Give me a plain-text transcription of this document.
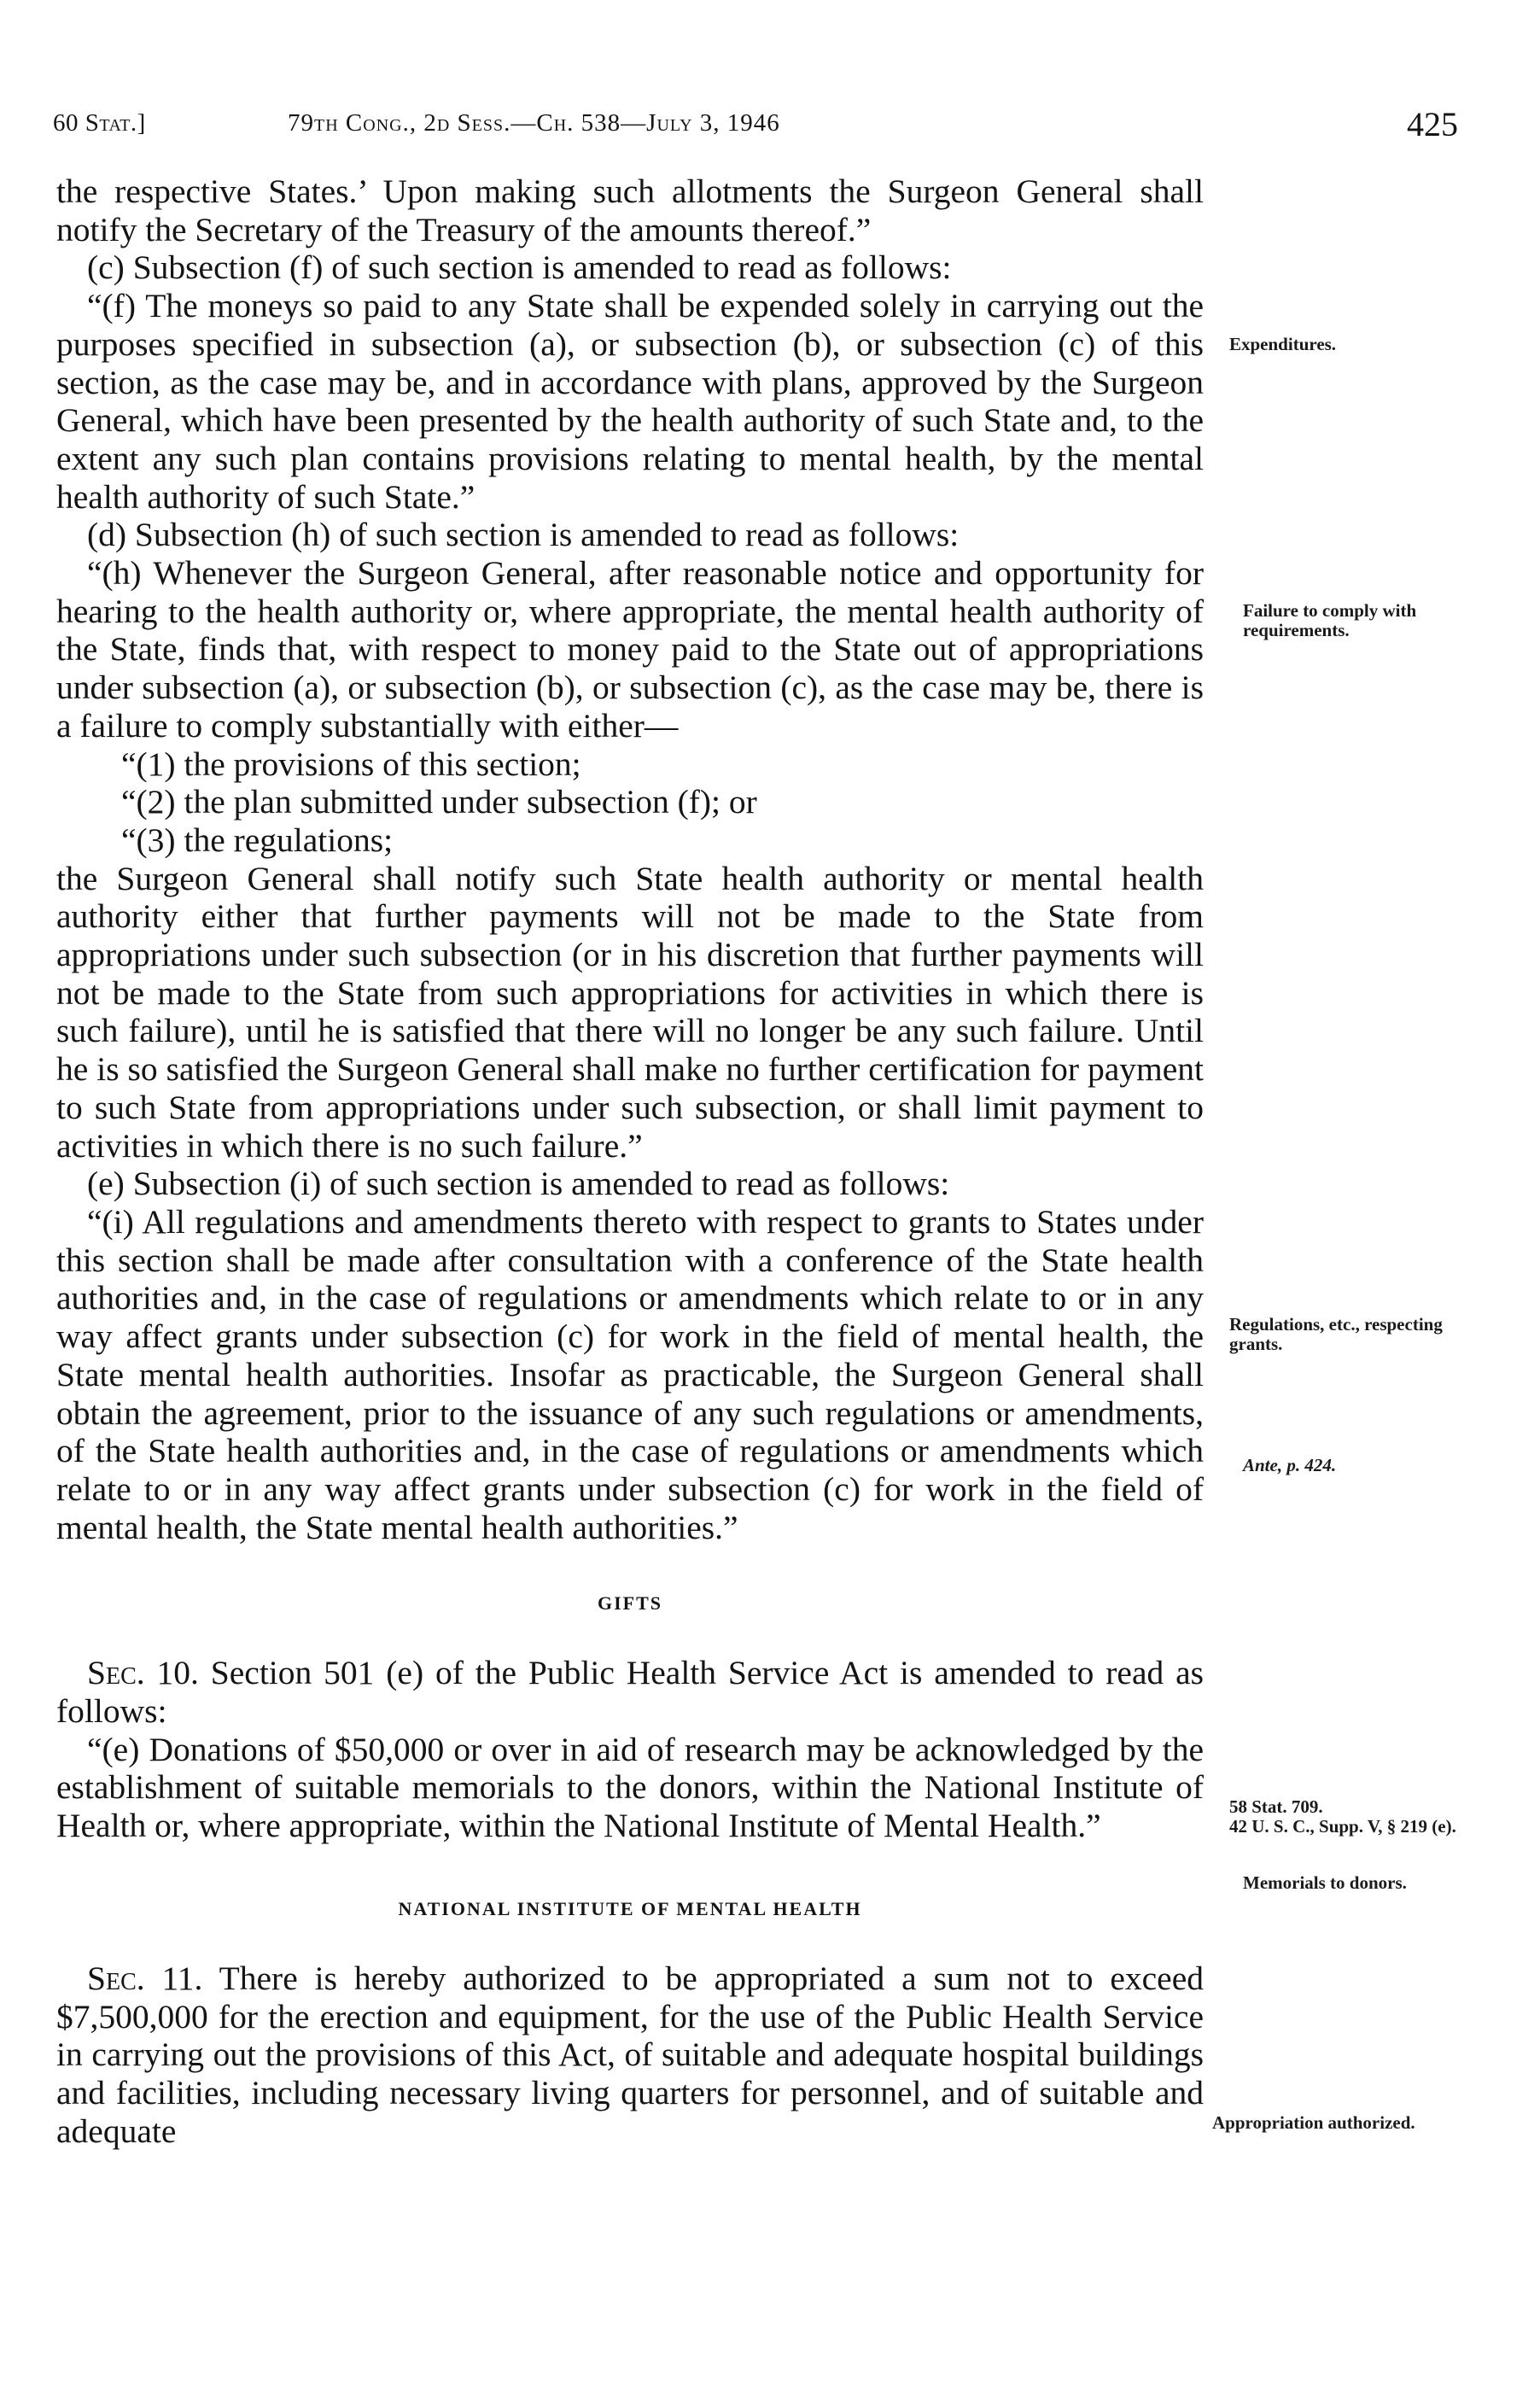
60 Stat.]	79th Cong., 2d Sess.—Ch. 538—July 3, 1946	425

the respective States.’ Upon making such allotments the Surgeon General shall notify the Secretary of the Treasury of the amounts thereof.”

(c) Subsection (f) of such section is amended to read as follows:

“(f) The moneys so paid to any State shall be expended solely in carrying out the purposes specified in subsection (a), or subsection (b), or subsection (c) of this section, as the case may be, and in accordance with plans, approved by the Surgeon General, which have been presented by the health authority of such State and, to the extent any such plan contains provisions relating to mental health, by the mental health authority of such State.”

(d) Subsection (h) of such section is amended to read as follows:

“(h) Whenever the Surgeon General, after reasonable notice and opportunity for hearing to the health authority or, where appropriate, the mental health authority of the State, finds that, with respect to money paid to the State out of appropriations under subsection (a), or subsection (b), or subsection (c), as the case may be, there is a failure to comply substantially with either—

“(1) the provisions of this section;

“(2) the plan submitted under subsection (f); or

“(3) the regulations;

the Surgeon General shall notify such State health authority or mental health authority either that further payments will not be made to the State from appropriations under such subsection (or in his discretion that further payments will not be made to the State from such appropriations for activities in which there is such failure), until he is satisfied that there will no longer be any such failure. Until he is so satisfied the Surgeon General shall make no further certification for payment to such State from appropriations under such subsection, or shall limit payment to activities in which there is no such failure.”

(e) Subsection (i) of such section is amended to read as follows:

“(i) All regulations and amendments thereto with respect to grants to States under this section shall be made after consultation with a conference of the State health authorities and, in the case of regulations or amendments which relate to or in any way affect grants under subsection (c) for work in the field of mental health, the State mental health authorities. Insofar as practicable, the Surgeon General shall obtain the agreement, prior to the issuance of any such regulations or amendments, of the State health authorities and, in the case of regulations or amendments which relate to or in any way affect grants under subsection (c) for work in the field of mental health, the State mental health authorities.”

GIFTS

Sec. 10. Section 501 (e) of the Public Health Service Act is amended to read as follows:

“(e) Donations of $50,000 or over in aid of research may be acknowledged by the establishment of suitable memorials to the donors, within the National Institute of Health or, where appropriate, within the National Institute of Mental Health.”

NATIONAL INSTITUTE OF MENTAL HEALTH

Sec. 11. There is hereby authorized to be appropriated a sum not to exceed $7,500,000 for the erection and equipment, for the use of the Public Health Service in carrying out the provisions of this Act, of suitable and adequate hospital buildings and facilities, including necessary living quarters for personnel, and of suitable and adequate

Expenditures.
Failure to comply with requirements.
Regulations, etc., respecting grants.
Ante, p. 424.
58 Stat. 709.
42 U. S. C., Supp. V, § 219 (e).
Memorials to donors.
Appropriation authorized.
